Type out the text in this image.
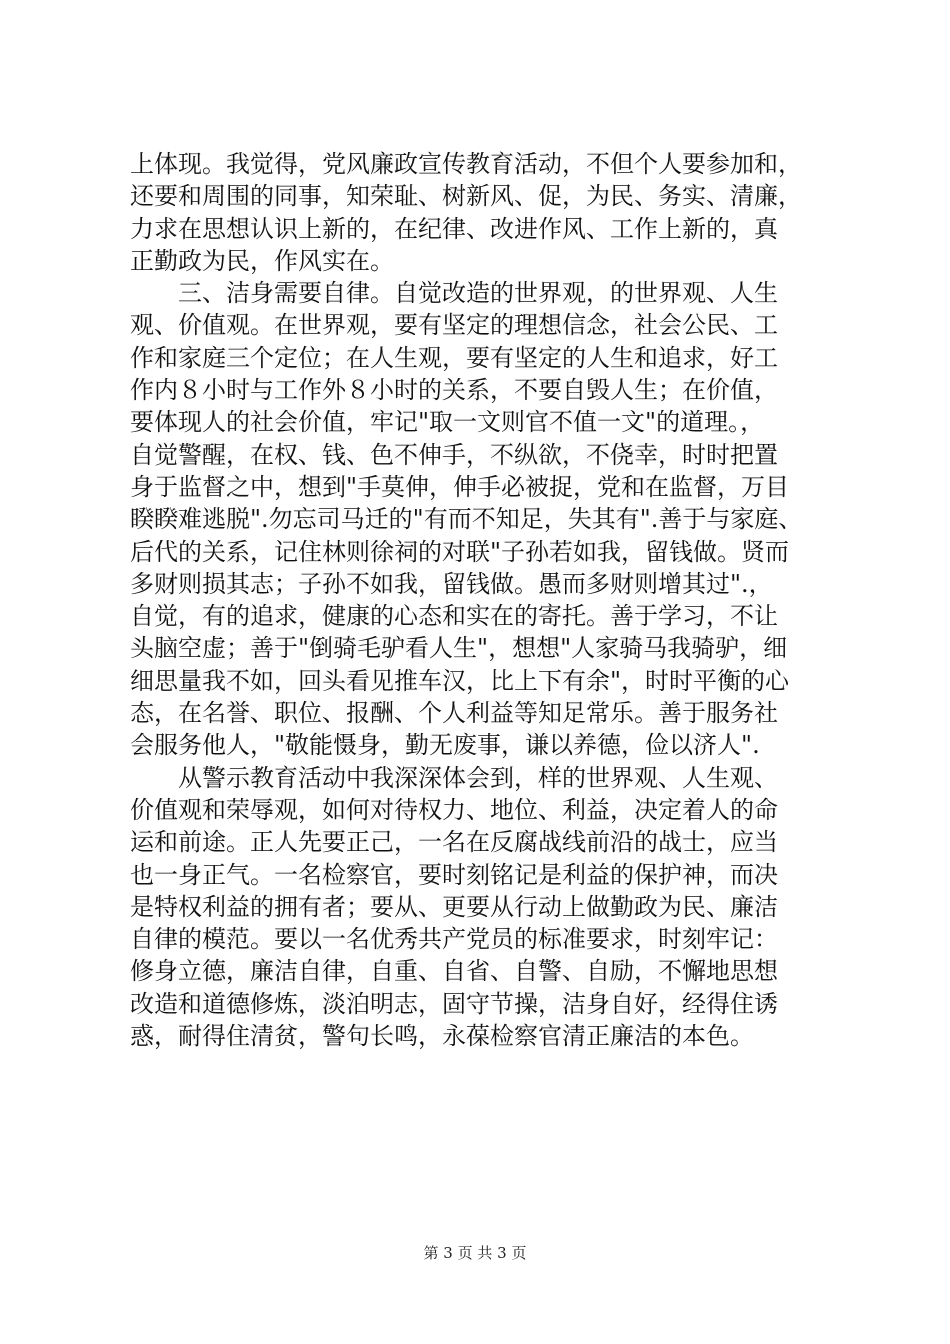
上体现。我觉得，党风廉政宣传教育活动，不但个人要参加和，
还要和周围的同事，知荣耻、树新风、促，为民、务实、清廉，
力求在思想认识上新的，在纪律、改进作风、工作上新的，真
正勤政为民，作风实在。
　　三、洁身需要自律。自觉改造的世界观，的世界观、人生
观、价值观。在世界观，要有坚定的理想信念，社会公民、工
作和家庭三个定位；在人生观，要有坚定的人生和追求，好工
作内８小时与工作外８小时的关系，不要自毁人生；在价值，
要体现人的社会价值，牢记"取一文则官不值一文"的道理。，
自觉警醒，在权、钱、色不伸手，不纵欲，不侥幸，时时把置
身于监督之中，想到"手莫伸，伸手必被捉，党和在监督，万目
睽睽难逃脱".勿忘司马迁的"有而不知足，失其有".善于与家庭、
后代的关系，记住林则徐祠的对联"子孙若如我，留钱做。贤而
多财则损其志；子孙不如我，留钱做。愚而多财则增其过".，
自觉，有的追求，健康的心态和实在的寄托。善于学习，不让
头脑空虚；善于"倒骑毛驴看人生"，想想"人家骑马我骑驴，细
细思量我不如，回头看见推车汉，比上下有余"，时时平衡的心
态，在名誉、职位、报酬、个人利益等知足常乐。善于服务社
会服务他人，"敬能慑身，勤无废事，谦以养德，俭以济人".
　　从警示教育活动中我深深体会到，样的世界观、人生观、
价值观和荣辱观，如何对待权力、地位、利益，决定着人的命
运和前途。正人先要正己，一名在反腐战线前沿的战士，应当
也一身正气。一名检察官，要时刻铭记是利益的保护神，而决
是特权利益的拥有者；要从、更要从行动上做勤政为民、廉洁
自律的模范。要以一名优秀共产党员的标准要求，时刻牢记：
修身立德，廉洁自律，自重、自省、自警、自励，不懈地思想
改造和道德修炼，淡泊明志，固守节操，洁身自好，经得住诱
惑，耐得住清贫，警句长鸣，永葆检察官清正廉洁的本色。
第 3 页 共 3 页
